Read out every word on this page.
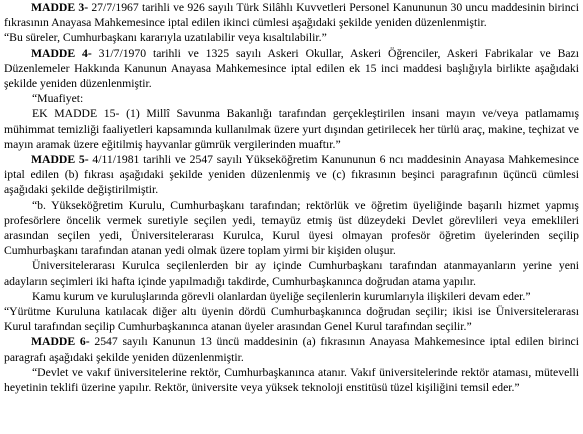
MADDE 3- 27/7/1967 tarihli ve 926 sayılı Türk Silâhlı Kuvvetleri Personel Kanununun 30 uncu maddesinin birinci fıkrasının Anayasa Mahkemesince iptal edilen ikinci cümlesi aşağıdaki şekilde yeniden düzenlenmiştir.

“Bu süreler, Cumhurbaşkanı kararıyla uzatılabilir veya kısaltılabilir.”

MADDE 4- 31/7/1970 tarihli ve 1325 sayılı Askeri Okullar, Askeri Öğrenciler, Askeri Fabrikalar ve Bazı Düzenlemeler Hakkında Kanunun Anayasa Mahkemesince iptal edilen ek 15 inci maddesi başlığıyla birlikte aşağıdaki şekilde yeniden düzenlenmiştir.

“Muafiyet:

EK MADDE 15- (1) Millî Savunma Bakanlığı tarafından gerçekleştirilen insani mayın ve/veya patlamamış mühimmat temizliği faaliyetleri kapsamında kullanılmak üzere yurt dışından getirilecek her türlü araç, makine, teçhizat ve mayın aramak üzere eğitilmiş hayvanlar gümrük vergilerinden muaftır.”

MADDE 5- 4/11/1981 tarihli ve 2547 sayılı Yükseköğretim Kanununun 6 ncı maddesinin Anayasa Mahkemesince iptal edilen (b) fıkrası aşağıdaki şekilde yeniden düzenlenmiş ve (c) fıkrasının beşinci paragrafının üçüncü cümlesi aşağıdaki şekilde değiştirilmiştir.

“b. Yükseköğretim Kurulu, Cumhurbaşkanı tarafından; rektörlük ve öğretim üyeliğinde başarılı hizmet yapmış profesörlere öncelik vermek suretiyle seçilen yedi, temayüz etmiş üst düzeydeki Devlet görevlileri veya emeklileri arasından seçilen yedi, Üniversitelerarası Kurulca, Kurul üyesi olmayan profesör öğretim üyelerinden seçilip Cumhurbaşkanı tarafından atanan yedi olmak üzere toplam yirmi bir kişiden oluşur.

Üniversitelerarası Kurulca seçilenlerden bir ay içinde Cumhurbaşkanı tarafından atanmayanların yerine yeni adayların seçimleri iki hafta içinde yapılmadığı takdirde, Cumhurbaşkanınca doğrudan atama yapılır.

Kamu kurum ve kuruluşlarında görevli olanlardan üyeliğe seçilenlerin kurumlarıyla ilişkileri devam eder.”

“Yürütme Kuruluna katılacak diğer altı üyenin dördü Cumhurbaşkanınca doğrudan seçilir; ikisi ise Üniversitelerarası Kurul tarafından seçilip Cumhurbaşkanınca atanan üyeler arasından Genel Kurul tarafından seçilir.”

MADDE 6- 2547 sayılı Kanunun 13 üncü maddesinin (a) fıkrasının Anayasa Mahkemesince iptal edilen birinci paragrafı aşağıdaki şekilde yeniden düzenlenmiştir.

“Devlet ve vakıf üniversitelerine rektör, Cumhurbaşkanınca atanır. Vakıf üniversitelerinde rektör ataması, mütevelli heyetinin teklifi üzerine yapılır. Rektör, üniversite veya yüksek teknoloji enstitüsü tüzel kişiliğini temsil eder.”
